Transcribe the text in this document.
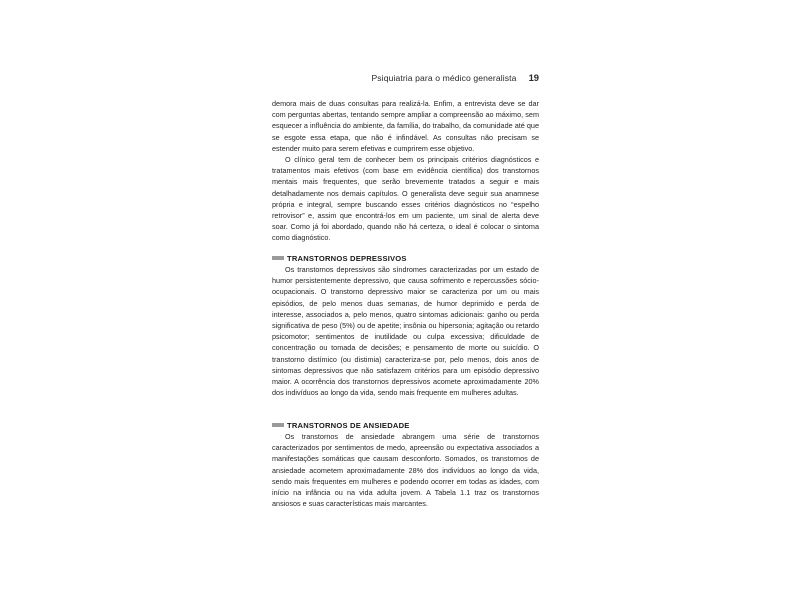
Psiquiatria para o médico generalista 19

demora mais de duas consultas para realizá-la. Enfim, a entrevista deve se dar com perguntas abertas, tentando sempre ampliar a compreensão ao máximo, sem esquecer a influência do ambiente, da família, do trabalho, da comunidade até que se esgote essa etapa, que não é infindável. As consultas não precisam se estender muito para serem efetivas e cumprirem esse objetivo.

O clínico geral tem de conhecer bem os principais critérios diagnósticos e tratamentos mais efetivos (com base em evidência científica) dos transtornos mentais mais frequentes, que serão brevemente tratados a seguir e mais detalhadamente nos demais capítulos. O generalista deve seguir sua anamnese própria e integral, sempre buscando esses critérios diagnósticos no “espelho retrovisor” e, assim que encontrá-los em um paciente, um sinal de alerta deve soar. Como já foi abordado, quando não há certeza, o ideal é colocar o sintoma como diagnóstico.

TRANSTORNOS DEPRESSIVOS

Os transtornos depressivos são síndromes caracterizadas por um estado de humor persistentemente depressivo, que causa sofrimento e repercussões sócio-ocupacionais. O transtorno depressivo maior se caracteriza por um ou mais episódios, de pelo menos duas semanas, de humor deprimido e perda de interesse, associados a, pelo menos, quatro sintomas adicionais: ganho ou perda significativa de peso (5%) ou de apetite; insônia ou hipersonia; agitação ou retardo psicomotor; sentimentos de inutilidade ou culpa excessiva; dificuldade de concentração ou tomada de decisões; e pensamento de morte ou suicídio. O transtorno distímico (ou distimia) caracteriza-se por, pelo menos, dois anos de sintomas depressivos que não satisfazem critérios para um episódio depressivo maior. A ocorrência dos transtornos depressivos acomete aproximadamente 20% dos indivíduos ao longo da vida, sendo mais frequente em mulheres adultas.

TRANSTORNOS DE ANSIEDADE

Os transtornos de ansiedade abrangem uma série de transtornos caracterizados por sentimentos de medo, apreensão ou expectativa associados a manifestações somáticas que causam desconforto. Somados, os transtornos de ansiedade acometem aproximadamente 28% dos indivíduos ao longo da vida, sendo mais frequentes em mulheres e podendo ocorrer em todas as idades, com início na infância ou na vida adulta jovem. A Tabela 1.1 traz os transtornos ansiosos e suas características mais marcantes.
